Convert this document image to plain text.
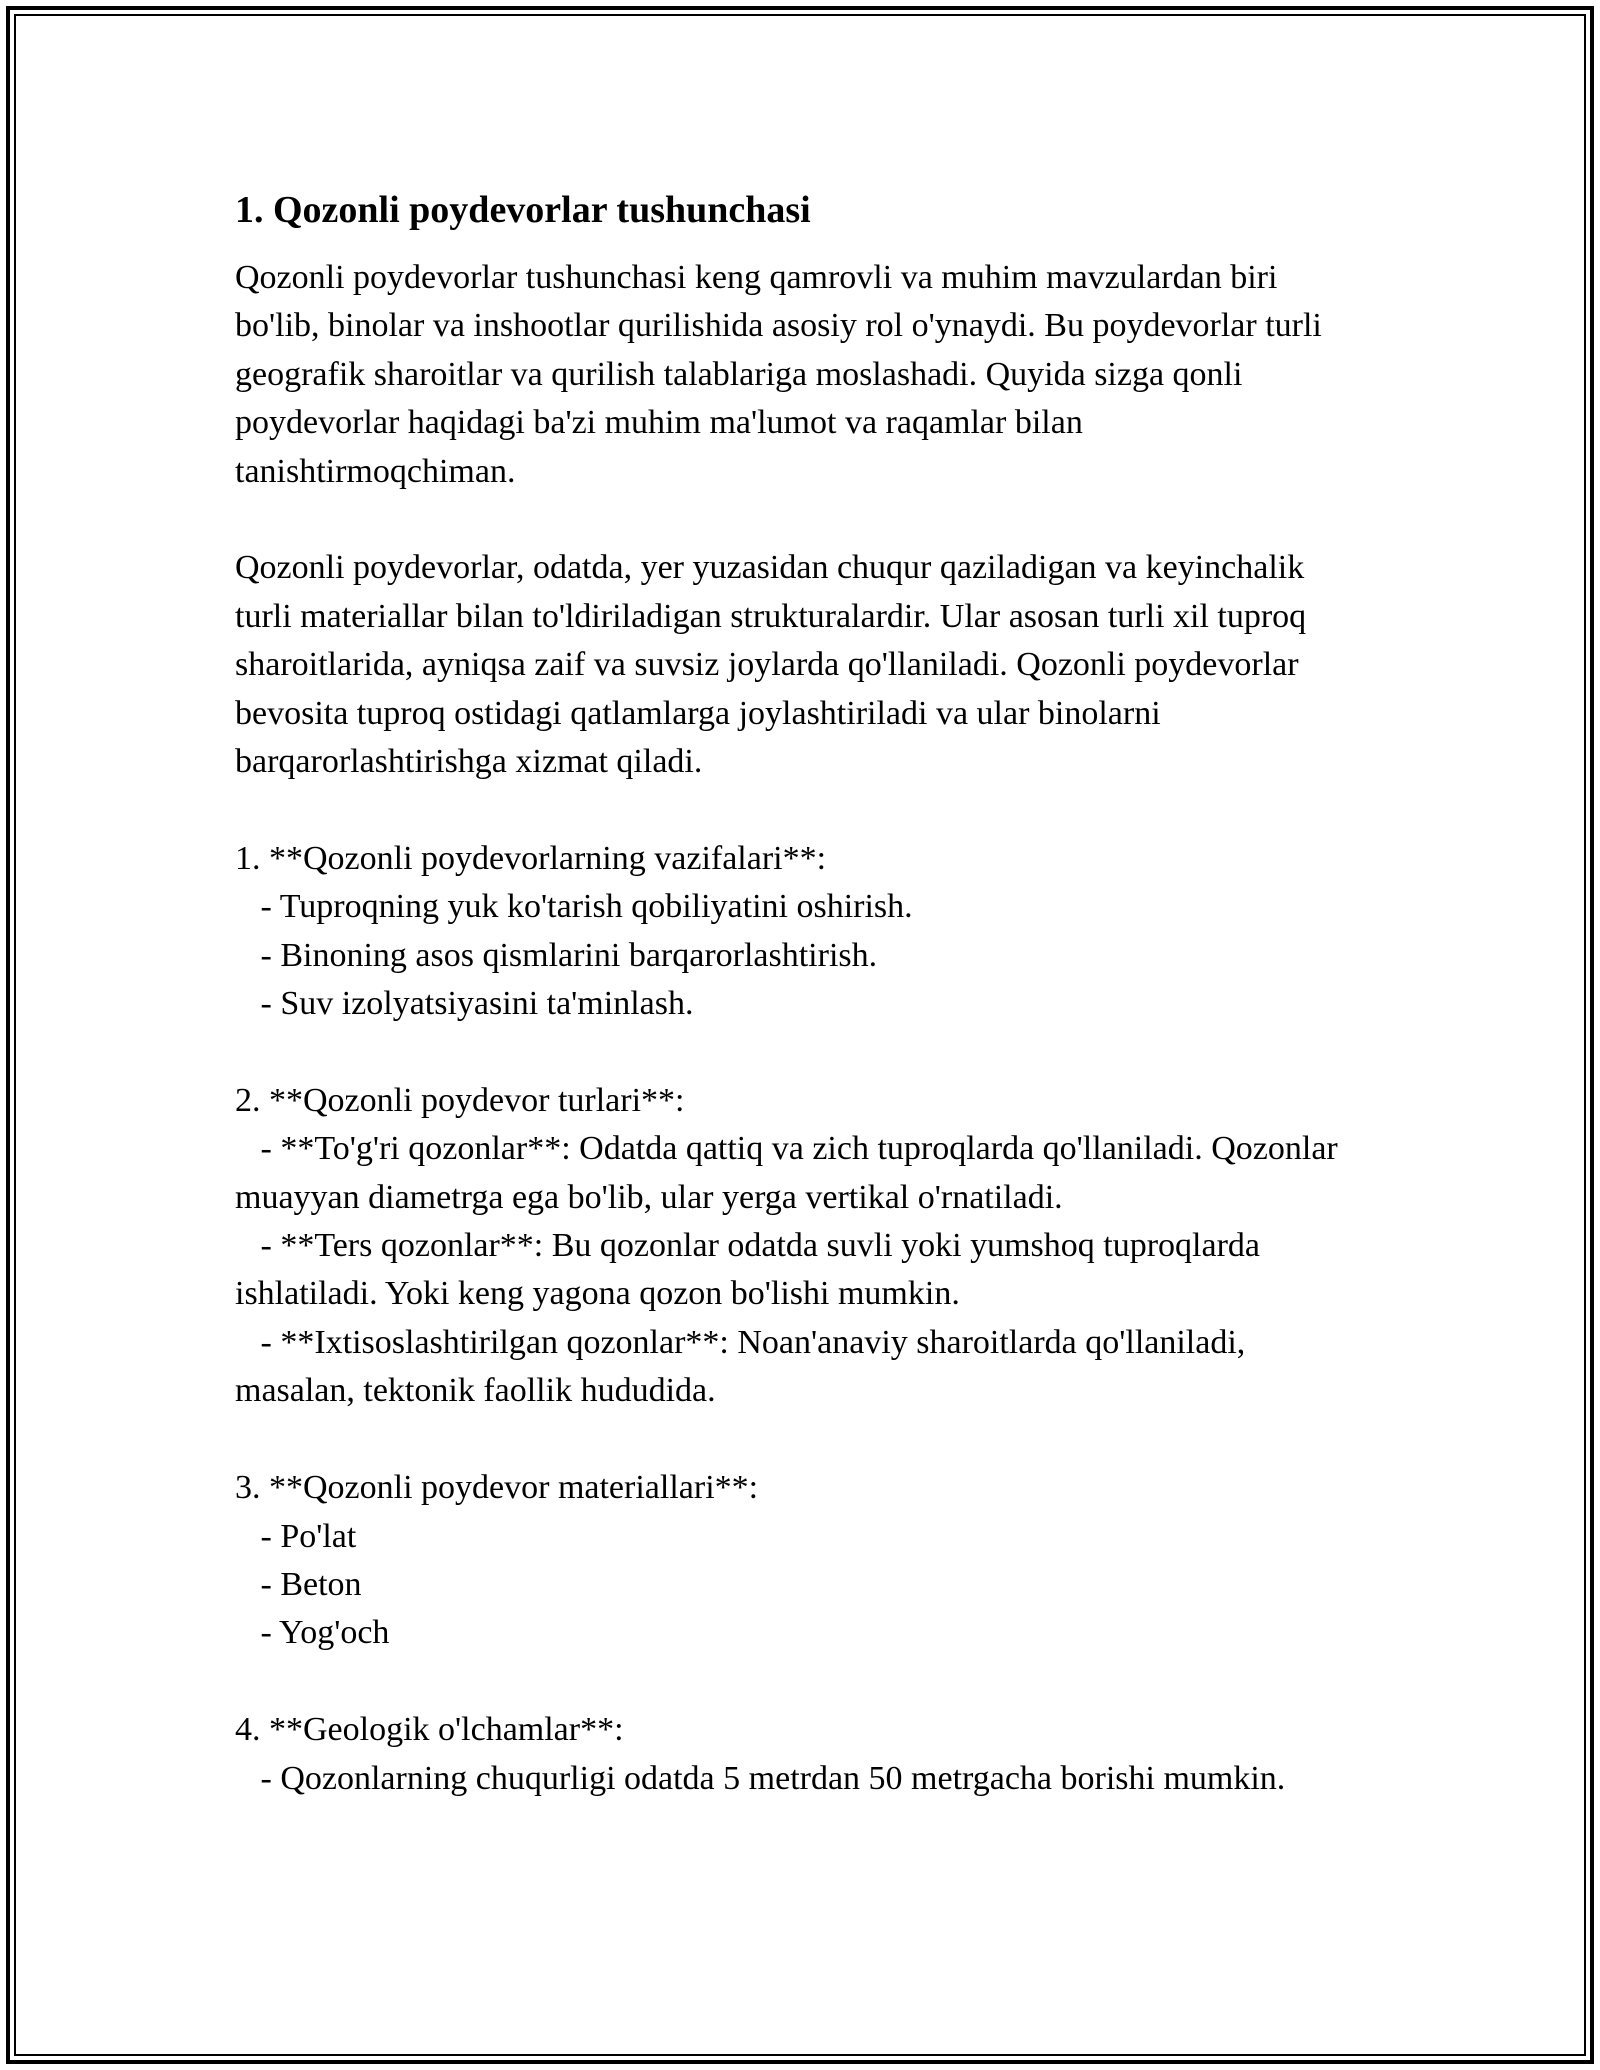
1. Qozonli poydevorlar tushunchasi
Qozonli poydevorlar tushunchasi keng qamrovli va muhim mavzulardan biri bo'lib, binolar va inshootlar qurilishida asosiy rol o'ynaydi. Bu poydevorlar turli geografik sharoitlar va qurilish talablariga moslashadi. Quyida sizga qonli poydevorlar haqidagi ba'zi muhim ma'lumot va raqamlar bilan tanishtirmoqchiman.
Qozonli poydevorlar, odatda, yer yuzasidan chuqur qaziladigan va keyinchalik turli materiallar bilan to'ldiriladigan strukturalardir. Ular asosan turli xil tuproq sharoitlarida, ayniqsa zaif va suvsiz joylarda qo'llaniladi. Qozonli poydevorlar bevosita tuproq ostidagi qatlamlarga joylashtiriladi va ular binolarni barqarorlashtirishga xizmat qiladi.
1. **Qozonli poydevorlarning vazifalari**:
- Tuproqning yuk ko'tarish qobiliyatini oshirish.
- Binoning asos qismlarini barqarorlashtirish.
- Suv izolyatsiyasini ta'minlash.
2. **Qozonli poydevor turlari**:
- **To'g'ri qozonlar**: Odatda qattiq va zich tuproqlarda qo'llaniladi. Qozonlar muayyan diametrga ega bo'lib, ular yerga vertikal o'rnatiladi.
- **Ters qozonlar**: Bu qozonlar odatda suvli yoki yumshoq tuproqlarda ishlatiladi. Yoki keng yagona qozon bo'lishi mumkin.
- **Ixtisoslashtirilgan qozonlar**: Noan'anaviy sharoitlarda qo'llaniladi, masalan, tektonik faollik hududida.
3. **Qozonli poydevor materiallari**:
- Po'lat
- Beton
- Yog'och
4. **Geologik o'lchamlar**:
- Qozonlarning chuqurligi odatda 5 metrdan 50 metrgacha borishi mumkin.
